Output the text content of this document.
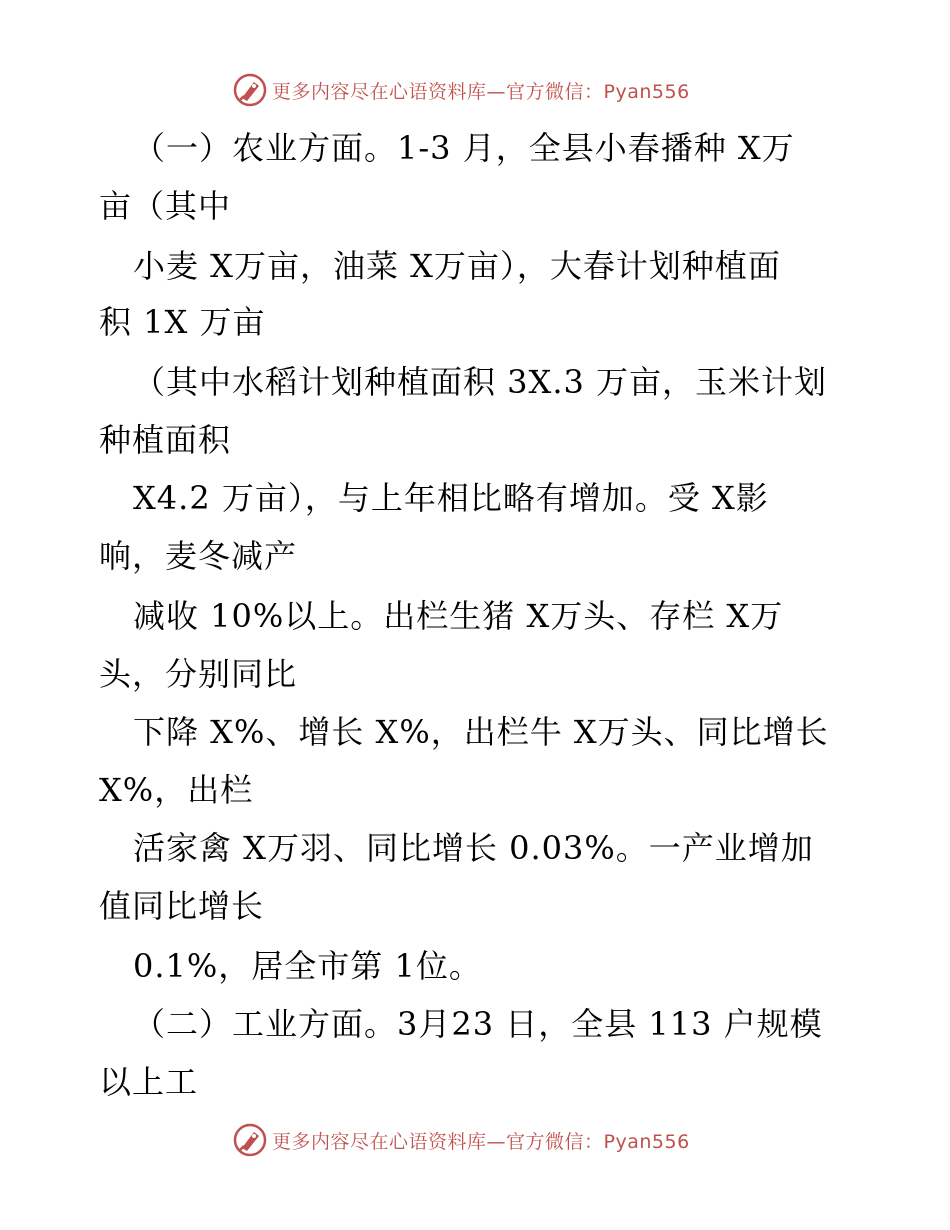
更多内容尽在心语资料库—官方微信：Pyan556
（一）农业方面。1-3 月，全县小春播种 X万
亩（其中
小麦 X万亩，油菜 X万亩），大春计划种植面
积 1X 万亩
（其中水稻计划种植面积 3X.3 万亩，玉米计划
种植面积
X4.2 万亩），与上年相比略有增加。受 X影
响，麦冬减产
减收 10%以上。出栏生猪 X万头、存栏 X万
头，分别同比
下降 X%、增长 X%，出栏牛 X万头、同比增长
X%，出栏
活家禽 X万羽、同比增长 0.03%。一产业增加
值同比增长
0.1%，居全市第 1位。
（二）工业方面。3月23 日，全县 113 户规模
以上工
更多内容尽在心语资料库—官方微信：Pyan556
